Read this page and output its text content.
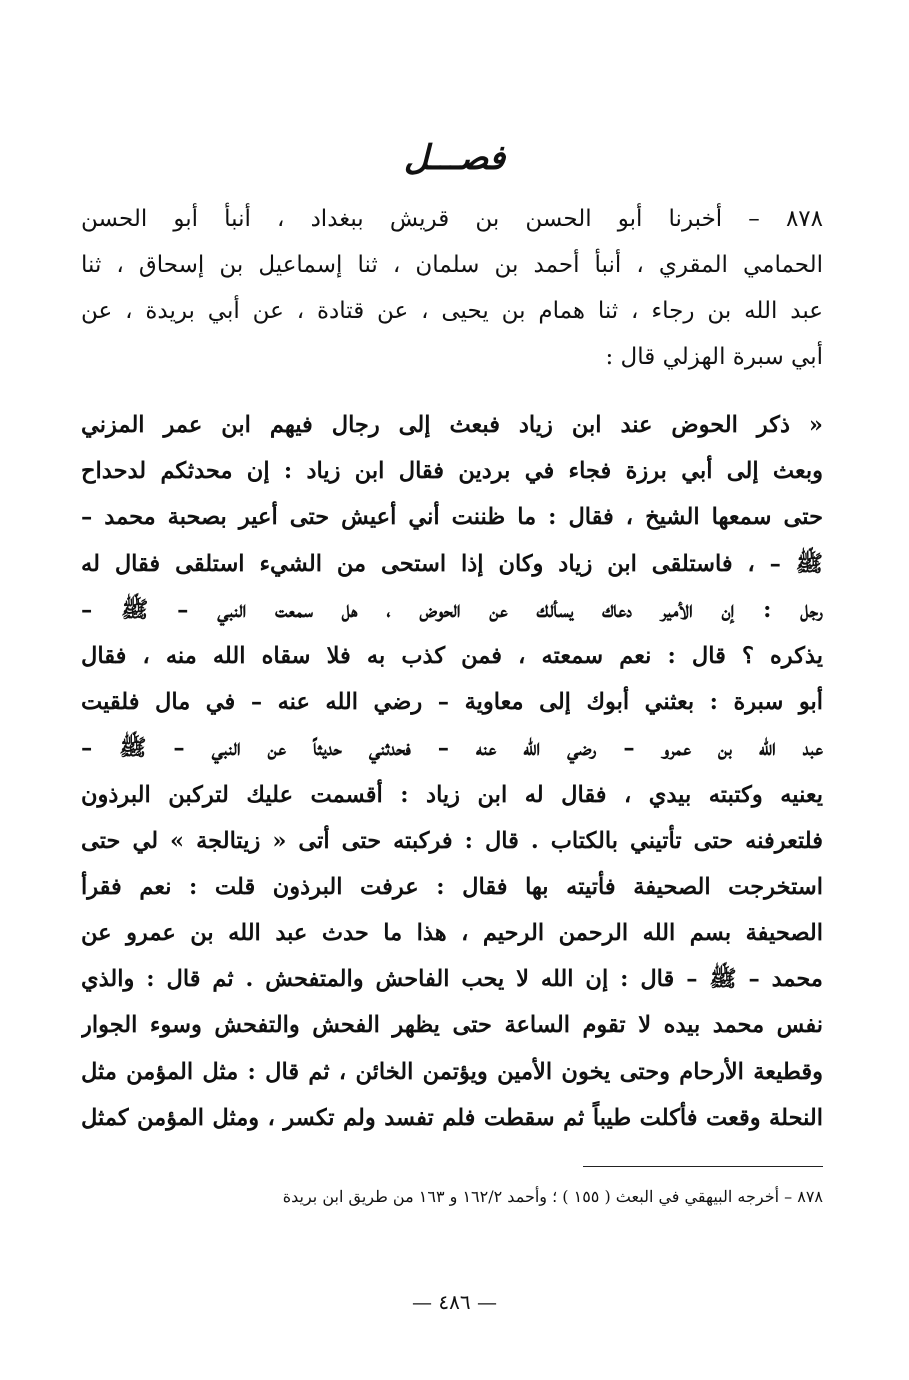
فصـــل
٨٧٨ – أخبرنا أبو الحسن بن قريش ببغداد ، أنبأ أبو الحسن
الحمامي المقري ، أنبأ أحمد بن سلمان ، ثنا إسماعيل بن إسحاق ، ثنا
عبد الله بن رجاء ، ثنا همام بن يحيى ، عن قتادة ، عن أبي بريدة ، عن
أبي سبرة الهزلي قال :
« ذكر الحوض عند ابن زياد فبعث إلى رجال فيهم ابن عمر المزني
وبعث إلى أبي برزة فجاء في بردين فقال ابن زياد : إن محدثكم لدحداح
حتى سمعها الشيخ ، فقال : ما ظننت أني أعيش حتى أعير بصحبة محمد –
ﷺ – ، فاستلقى ابن زياد وكان إذا استحى من الشيء استلقى فقال له
رجل : إن الأمير دعاك يسألك عن الحوض ، هل سمعت النبي – ﷺ –
يذكره ؟ قال : نعم سمعته ، فمن كذب به فلا سقاه الله منه ، فقال
أبو سبرة : بعثني أبوك إلى معاوية – رضي الله عنه – في مال فلقيت
عبد الله بن عمرو – رضي الله عنه – فحدثني حديثاً عن النبي – ﷺ –
يعنيه وكتبته بيدي ، فقال له ابن زياد : أقسمت عليك لتركبن البرذون
فلتعرفنه حتى تأتيني بالكتاب . قال : فركبته حتى أتى « زيتالجة » لي حتى
استخرجت الصحيفة فأتيته بها فقال : عرفت البرذون قلت : نعم فقرأ
الصحيفة بسم الله الرحمن الرحيم ، هذا ما حدث عبد الله بن عمرو عن
محمد – ﷺ – قال : إن الله لا يحب الفاحش والمتفحش . ثم قال : والذي
نفس محمد بيده لا تقوم الساعة حتى يظهر الفحش والتفحش وسوء الجوار
وقطيعة الأرحام وحتى يخون الأمين ويؤتمن الخائن ، ثم قال : مثل المؤمن مثل
النحلة وقعت فأكلت طيباً ثم سقطت فلم تفسد ولم تكسر ، ومثل المؤمن كمثل
٨٧٨ – أخرجه البيهقي في البعث ( ١٥٥ ) ؛ وأحمد ١٦٢/٢ و ١٦٣ من طريق ابن بريدة
— ٤٨٦ —
